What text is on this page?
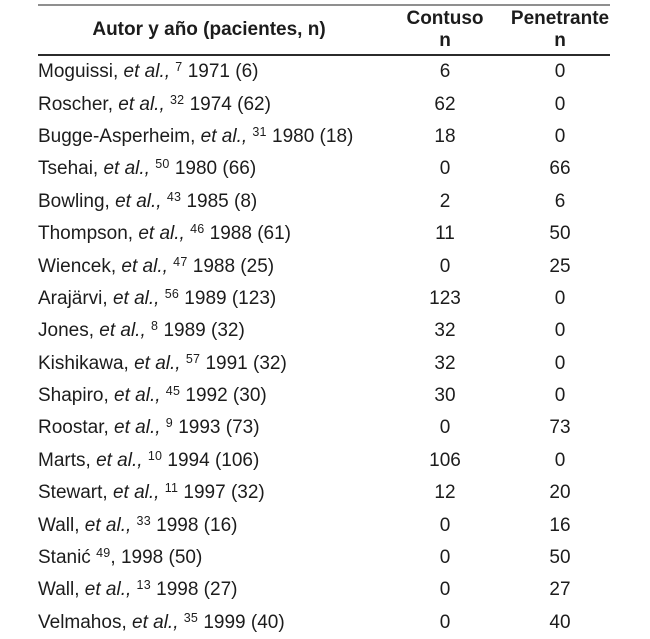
Autor y año (pacientes, n)	
Contuso
n

Penetrante
n

Moguissi, et al., $^7$ 1971 (6)	6	0
Roscher, et al., $^{32}$ 1974 (62)	62	0
Bugge-Asperheim, et al., $^{31}$ 1980 (18)	18	0
Tsehai, et al., $^{50}$ 1980 (66)	0	66
Bowling, et al., $^{43}$ 1985 (8)	2	6
Thompson, et al., $^{46}$ 1988 (61)	11	50
Wiencek, et al., $^{47}$ 1988 (25)	0	25
Arajärvi, et al., $^{56}$ 1989 (123)	123	0
Jones, et al., $^8$ 1989 (32)	32	0
Kishikawa, et al., $^{57}$ 1991 (32)	32	0
Shapiro, et al., $^{45}$ 1992 (30)	30	0
Roostar, et al., $^9$ 1993 (73)	0	73
Marts, et al., $^{10}$ 1994 (106)	106	0
Stewart, et al., $^{11}$ 1997 (32)	12	20
Wall, et al., $^{33}$ 1998 (16)	0	16
Stanić $^{49}$, 1998 (50)	0	50
Wall, et al., $^{13}$ 1998 (27)	0	27
Velmahos, et al., $^{35}$ 1999 (40)	0	40
